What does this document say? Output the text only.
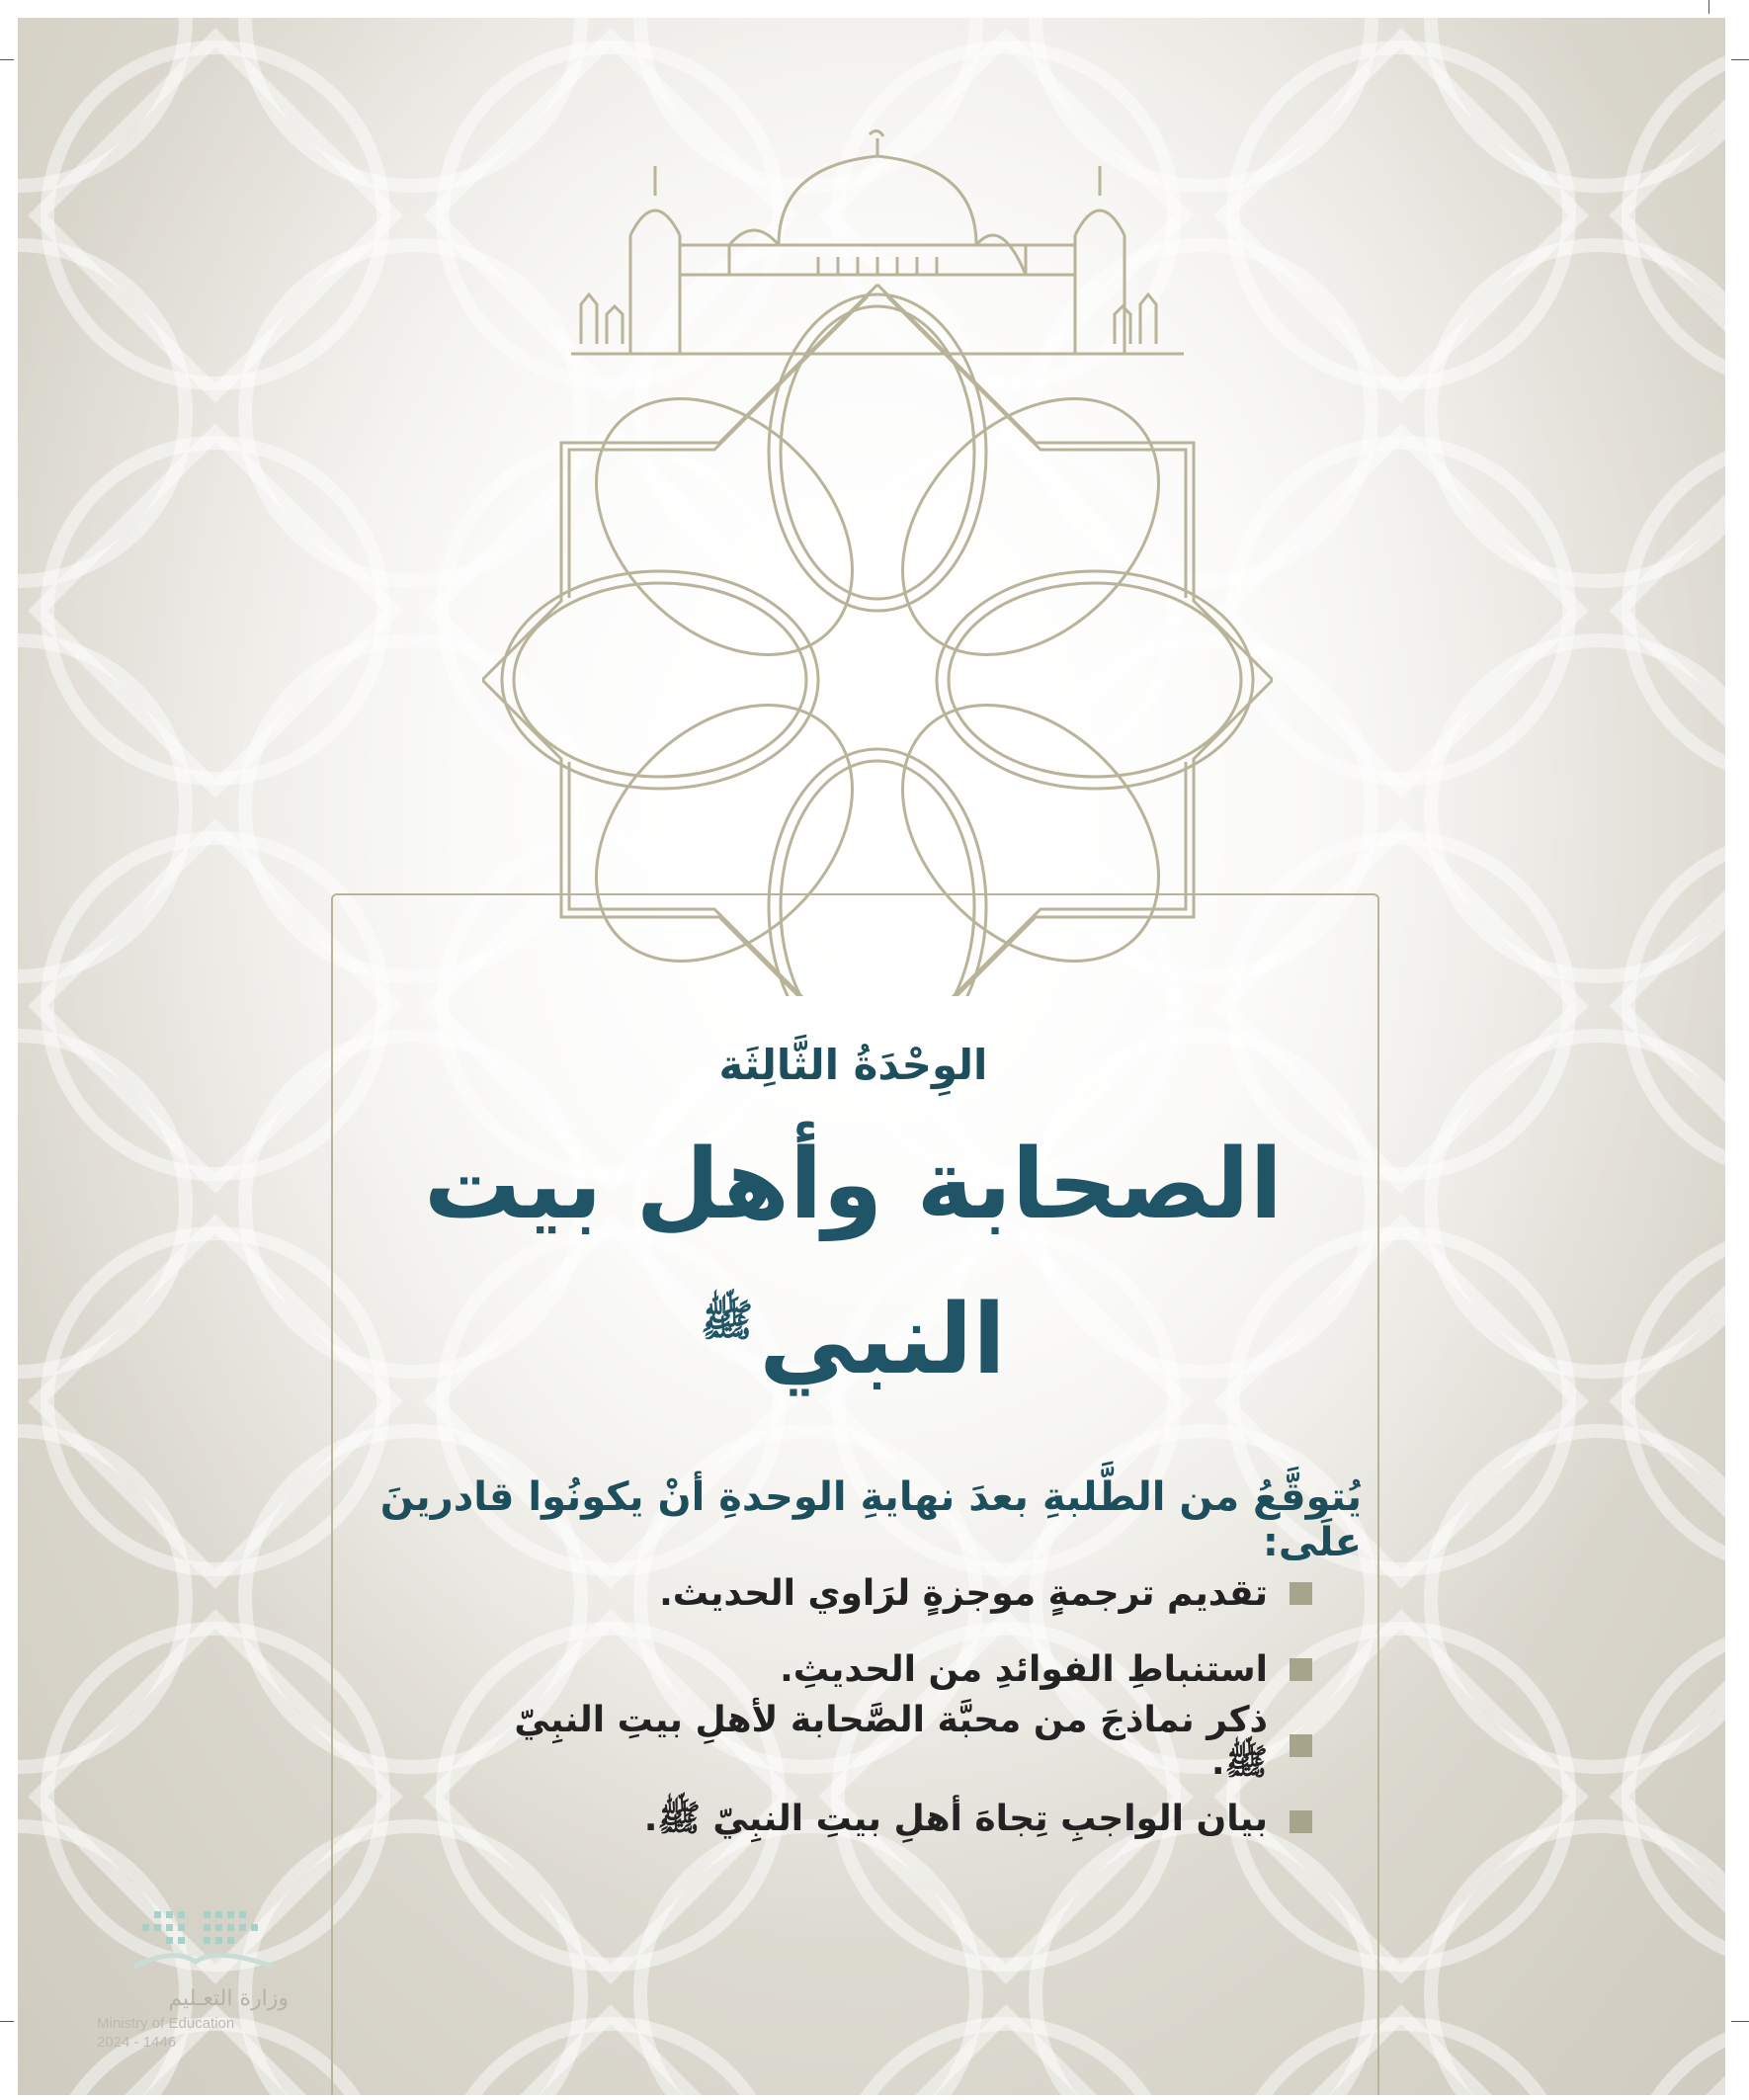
الوِحْدَةُ الثَّالِثَة
الصحابة وأهل بيت
النبي$^ﷺ$
يُتوقَّعُ من الطَّلبةِ بعدَ نهايةِ الوحدةِ أنْ يكونُوا قادرينَ علَى:
تقديم ترجمةٍ موجزةٍ لرَاوي الحديث.
استنباطِ الفوائدِ من الحديثِ.
ذكر نماذجَ من محبَّة الصَّحابة لأهلِ بيتِ النبِيّ ﷺ.
بيان الواجبِ تِجاهَ أهلِ بيتِ النبِيّ ﷺ.
وزارة التعـليم
Ministry of Education
2024 - 1446
